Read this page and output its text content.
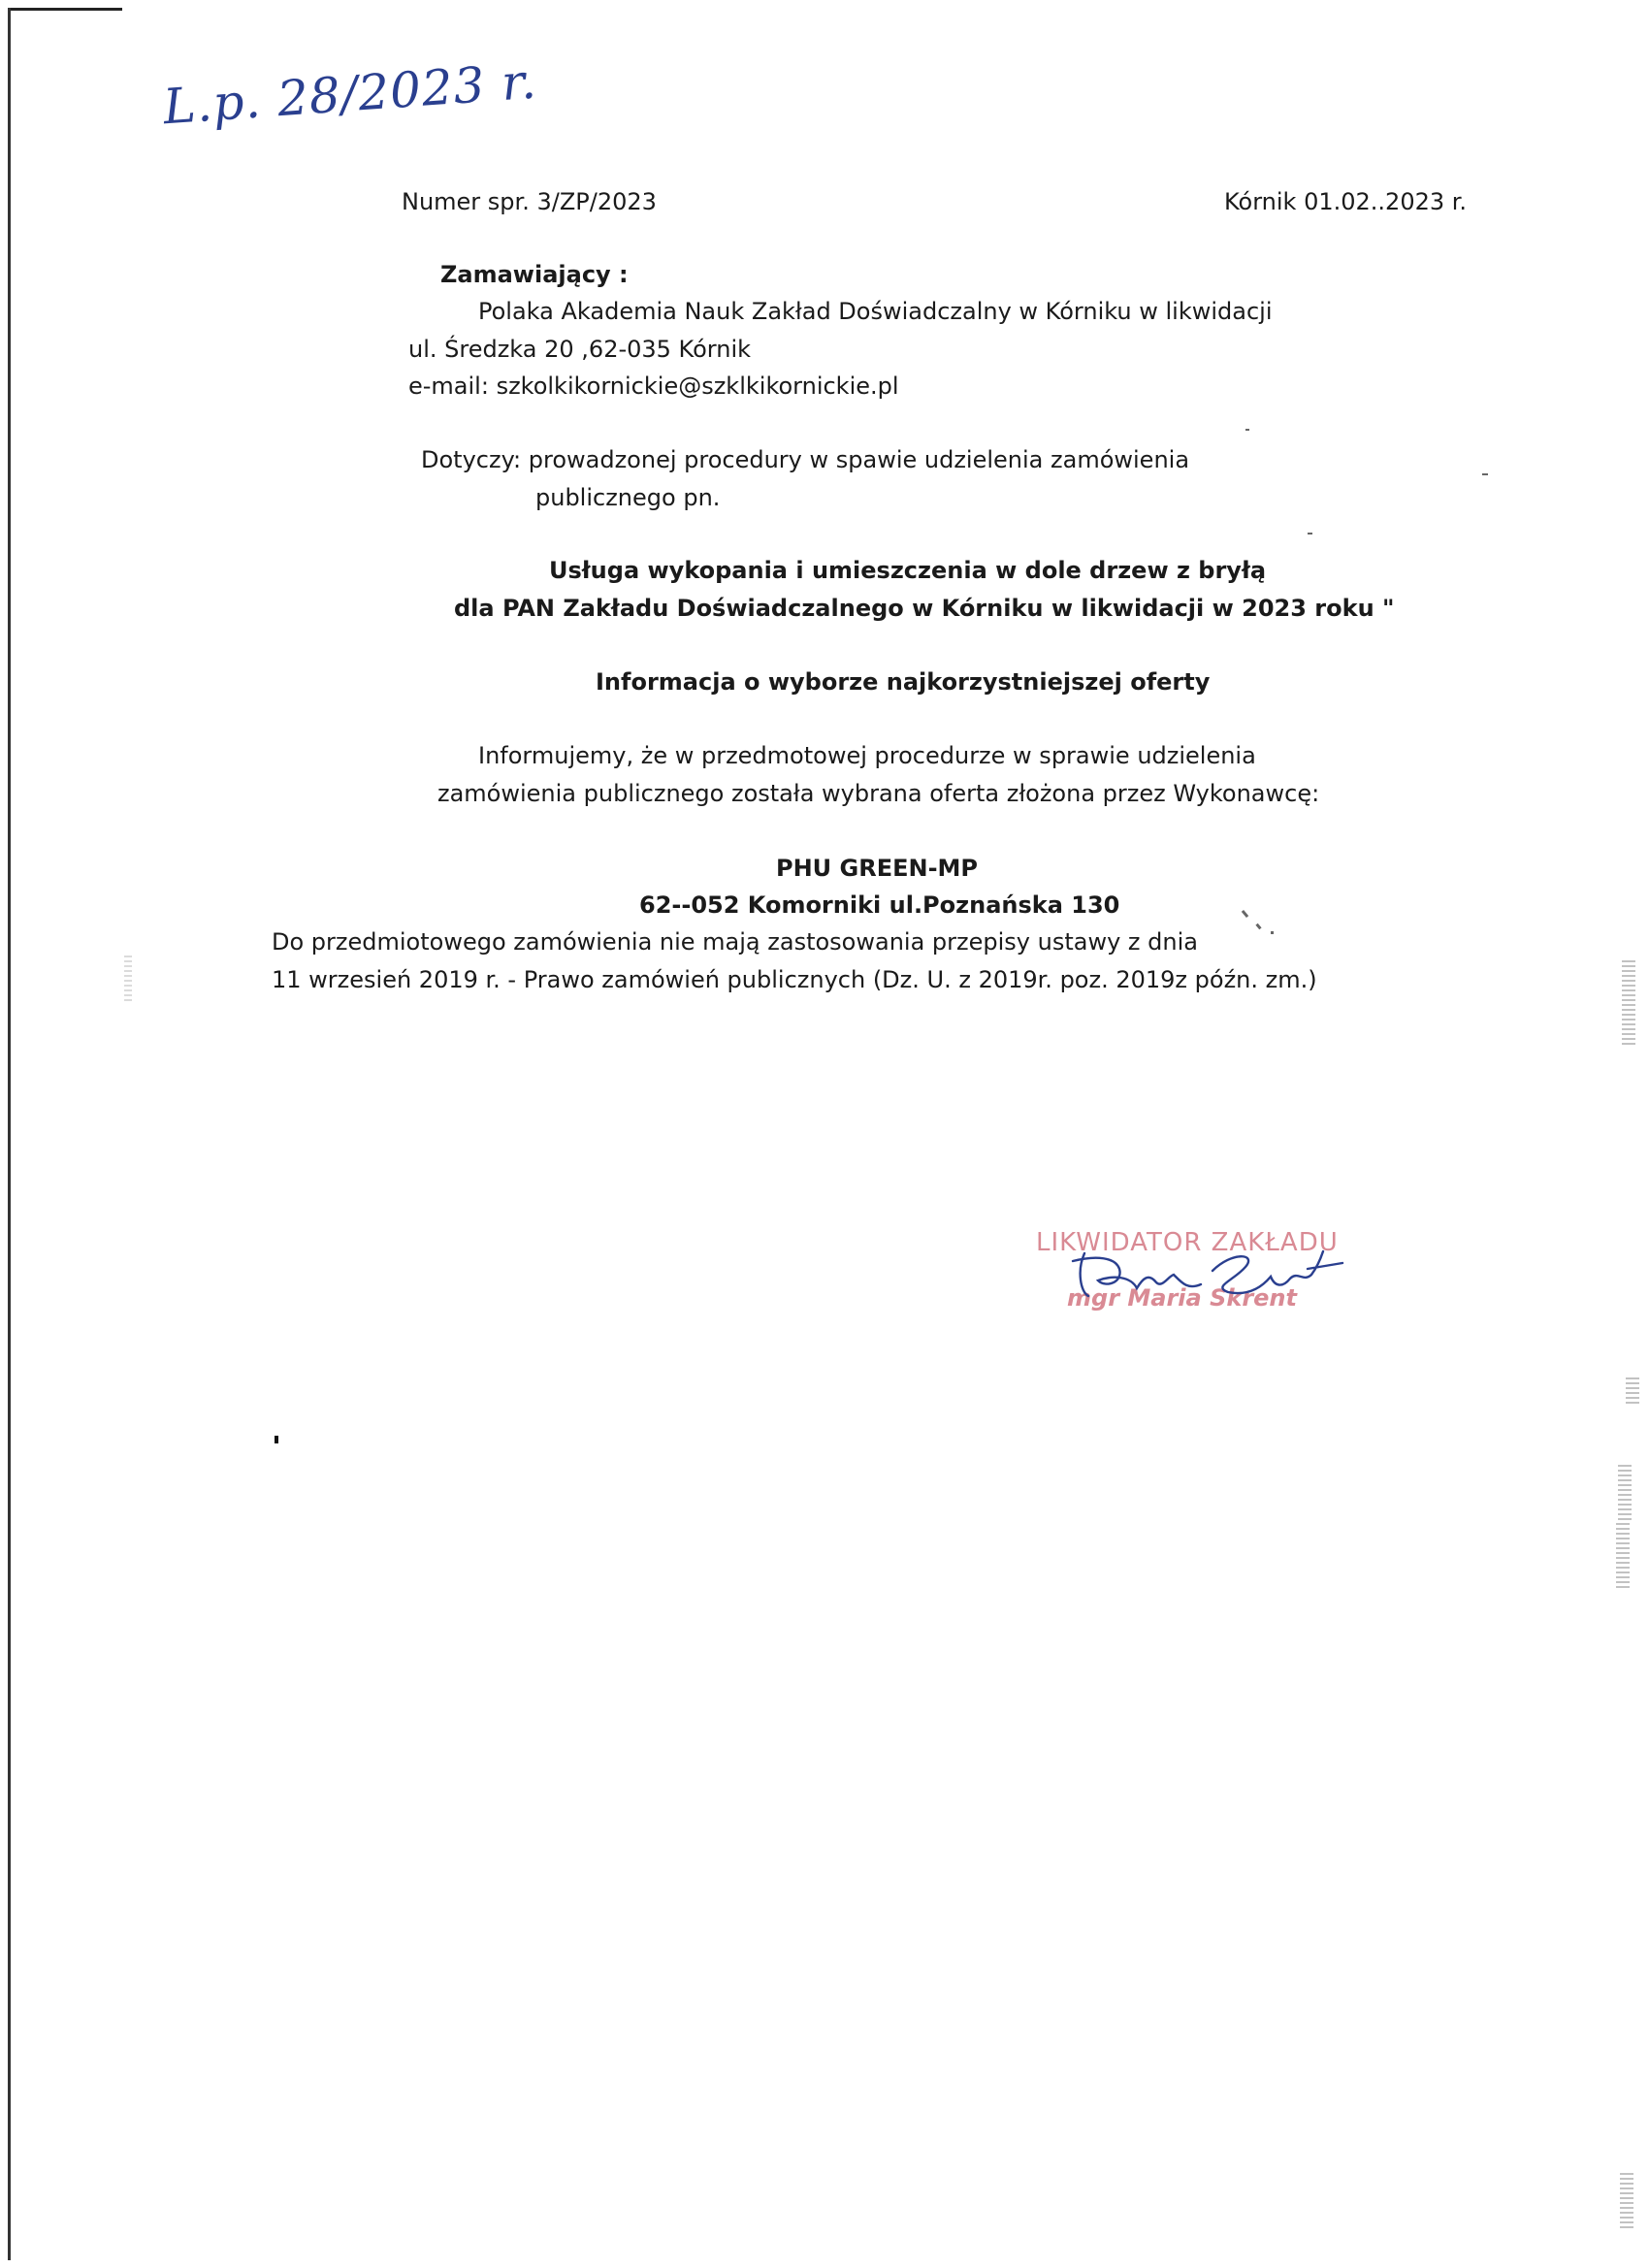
L.p. 28/2023 r.
Numer spr. 3/ZP/2023	Kórnik 01.02..2023 r.
Zamawiający :
Polaka Akademia Nauk Zakład Doświadczalny w Kórniku w likwidacji
ul. Średzka 20 ,62-035 Kórnik
e-mail: szkolkikornickie@szklkikornickie.pl
Dotyczy: prowadzonej procedury w spawie udzielenia zamówienia
publicznego pn.
Usługa wykopania i umieszczenia w dole drzew z bryłą
dla PAN Zakładu Doświadczalnego w Kórniku w likwidacji w 2023 roku "
Informacja o wyborze najkorzystniejszej oferty
Informujemy, że w przedmotowej procedurze w sprawie udzielenia
zamówienia publicznego została wybrana oferta złożona przez Wykonawcę:
PHU GREEN-MP
62--052 Komorniki ul.Poznańska 130
Do przedmiotowego zamówienia nie mają zastosowania przepisy ustawy z dnia
11 wrzesień 2019 r. - Prawo zamówień publicznych (Dz. U. z 2019r. poz. 2019z późn. zm.)
LIKWIDATOR ZAKŁADU
mgr Maria Skrent
